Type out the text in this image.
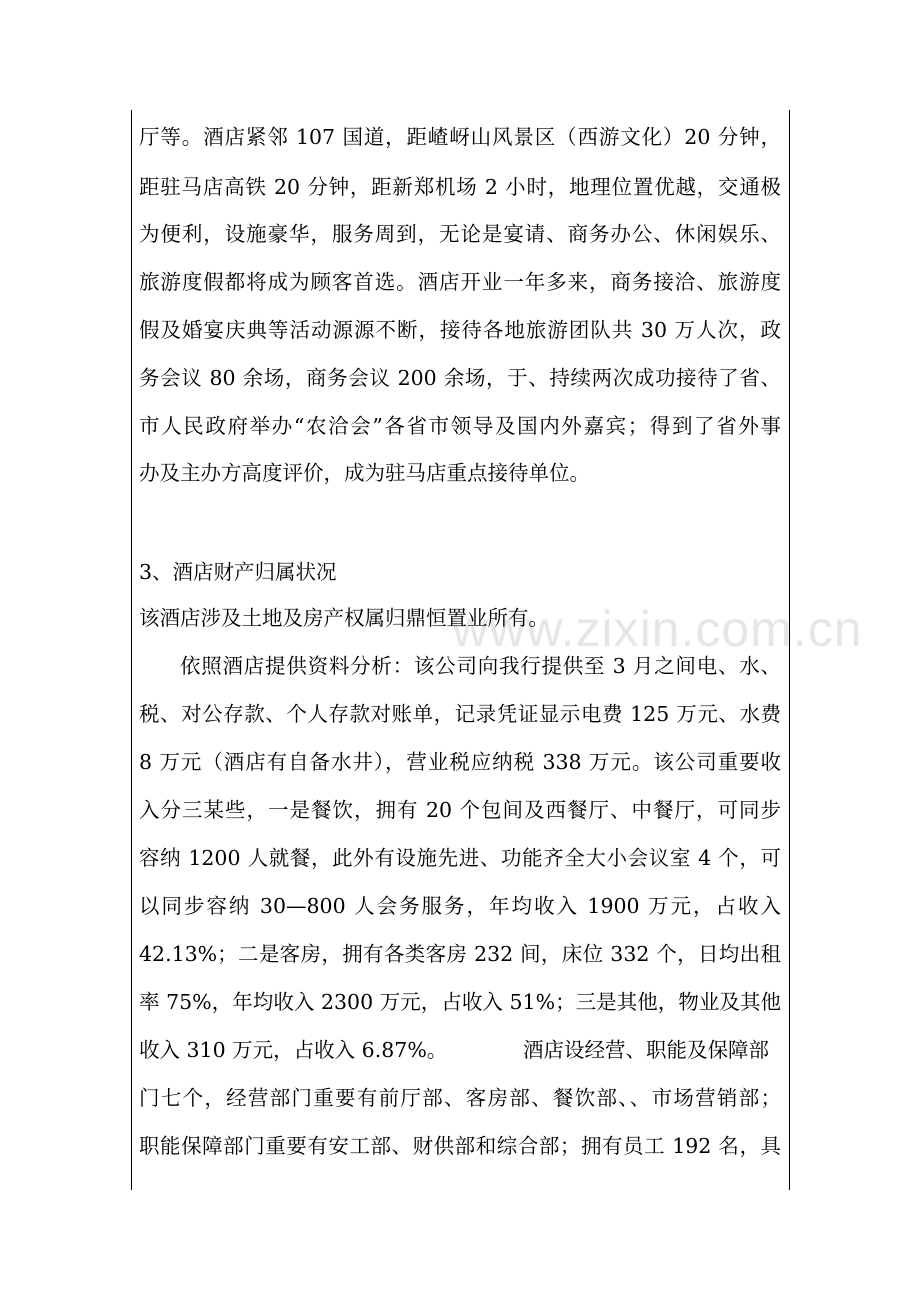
www.zixin.com.cn
厅等。酒店紧邻 107 国道，距嵖岈山风景区（西游文化）20 分钟，
距驻马店高铁 20 分钟，距新郑机场 2 小时，地理位置优越，交通极
为便利，设施豪华，服务周到，无论是宴请、商务办公、休闲娱乐、
旅游度假都将成为顾客首选。酒店开业一年多来，商务接洽、旅游度
假及婚宴庆典等活动源源不断，接待各地旅游团队共 30 万人次，政
务会议 80 余场，商务会议 200 余场，于、持续两次成功接待了省、
市人民政府举办“农洽会”各省市领导及国内外嘉宾；得到了省外事
办及主办方高度评价，成为驻马店重点接待单位。
3、酒店财产归属状况
该酒店涉及土地及房产权属归鼎恒置业所有。
依照酒店提供资料分析：该公司向我行提供至 3 月之间电、水、
税、对公存款、个人存款对账单，记录凭证显示电费 125 万元、水费
8 万元（酒店有自备水井），营业税应纳税 338 万元。该公司重要收
入分三某些，一是餐饮，拥有 20 个包间及西餐厅、中餐厅，可同步
容纳 1200 人就餐，此外有设施先进、功能齐全大小会议室 4 个，可
以同步容纳 30—800 人会务服务，年均收入 1900 万元，占收入
42.13%；二是客房，拥有各类客房 232 间，床位 332 个，日均出租
率 75%，年均收入 2300 万元，占收入 51%；三是其他，物业及其他
收入 310 万元，占收入 6.87%。	酒店设经营、职能及保障部
门七个，经营部门重要有前厅部、客房部、餐饮部、、市场营销部；
职能保障部门重要有安工部、财供部和综合部；拥有员工 192 名，具
